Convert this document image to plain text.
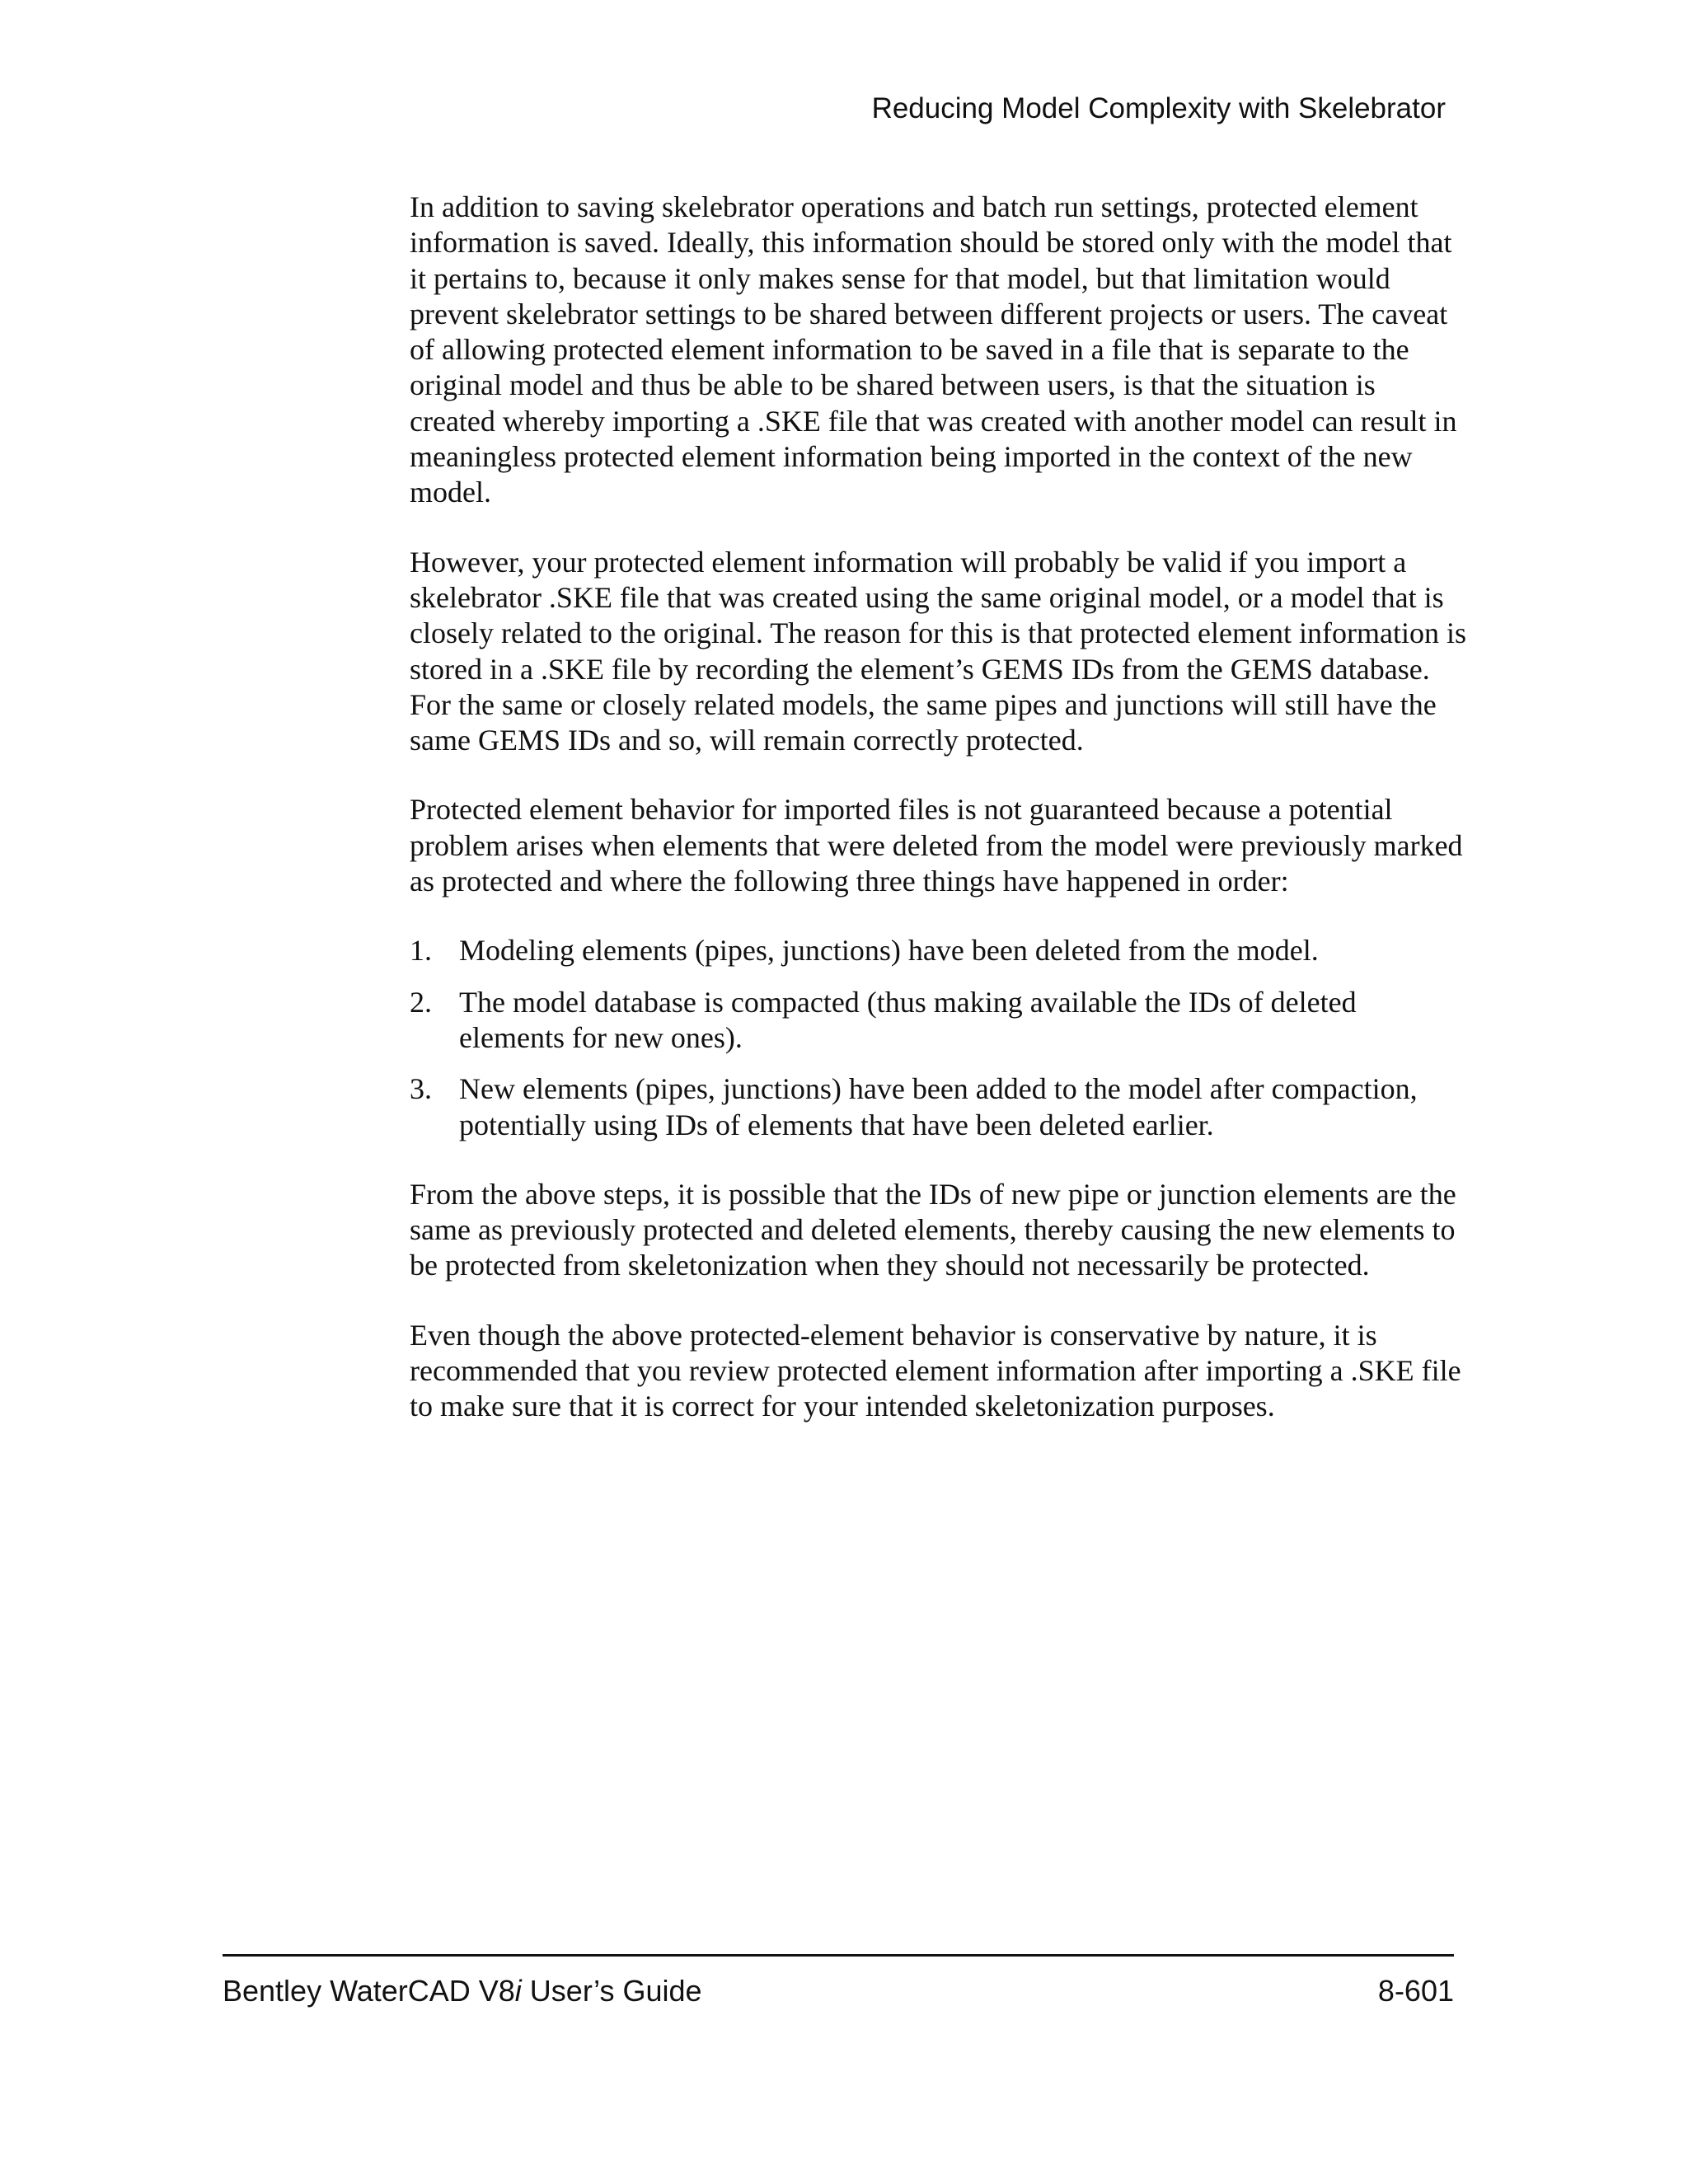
Reducing Model Complexity with Skelebrator

In addition to saving skelebrator operations and batch run settings, protected element information is saved. Ideally, this information should be stored only with the model that it pertains to, because it only makes sense for that model, but that limitation would prevent skelebrator settings to be shared between different projects or users. The caveat of allowing protected element information to be saved in a file that is separate to the original model and thus be able to be shared between users, is that the situation is created whereby importing a .SKE file that was created with another model can result in meaningless protected element information being imported in the context of the new model.

However, your protected element information will probably be valid if you import a skelebrator .SKE file that was created using the same original model, or a model that is closely related to the original. The reason for this is that protected element information is stored in a .SKE file by recording the element’s GEMS IDs from the GEMS database. For the same or closely related models, the same pipes and junctions will still have the same GEMS IDs and so, will remain correctly protected.

Protected element behavior for imported files is not guaranteed because a potential problem arises when elements that were deleted from the model were previously marked as protected and where the following three things have happened in order:

1. Modeling elements (pipes, junctions) have been deleted from the model.
2. The model database is compacted (thus making available the IDs of deleted elements for new ones).
3. New elements (pipes, junctions) have been added to the model after compaction, potentially using IDs of elements that have been deleted earlier.

From the above steps, it is possible that the IDs of new pipe or junction elements are the same as previously protected and deleted elements, thereby causing the new elements to be protected from skeletonization when they should not necessarily be protected.

Even though the above protected-element behavior is conservative by nature, it is recommended that you review protected element information after importing a .SKE file to make sure that it is correct for your intended skeletonization purposes.

Bentley WaterCAD V8i User’s Guide	8-601
